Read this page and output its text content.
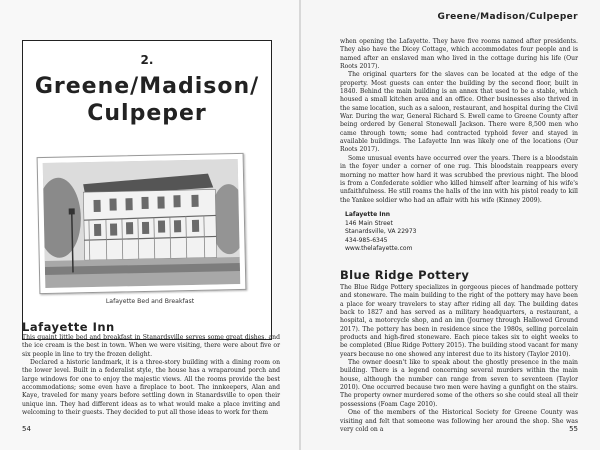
2.
Greene/Madison/
Culpeper
Lafayette Bed and Breakfast
Lafayette Inn

This quaint little bed and breakfast in Stanardsville serves some great dishes, and the ice cream is the best in town. When we were visiting, there were about five or six people in line to try the frozen delight.

Declared a historic landmark, it is a three-story building with a dining room on the lower level. Built in a federalist style, the house has a wraparound porch and large windows for one to enjoy the majestic views. All the rooms provide the best accommodations; some even have a fireplace to boot. The innkeepers, Alan and Kaye, traveled for many years before settling down in Stanardsville to open their unique inn. They had different ideas as to what would make a place inviting and welcoming to their guests. They decided to put all those ideas to work for them

54
Greene/Madison/Culpeper

when opening the Lafayette. They have five rooms named after presidents. They also have the Dicey Cottage, which accommodates four people and is named after an enslaved man who lived in the cottage during his life (Our Roots 2017).

The original quarters for the slaves can be located at the edge of the property. Most guests can enter the building by the second floor, built in 1840. Behind the main building is an annex that used to be a stable, which housed a small kitchen area and an office. Other businesses also thrived in the same location, such as a saloon, restaurant, and hospital during the Civil War. During the war, General Richard S. Ewell came to Greene County after being ordered by General Stonewall Jackson. There were 8,500 men who came through town; some had contracted typhoid fever and stayed in available buildings. The Lafayette Inn was likely one of the locations (Our Roots 2017).

Some unusual events have occurred over the years. There is a bloodstain in the foyer under a corner of one rug. This bloodstain reappears every morning no matter how hard it was scrubbed the previous night. The blood is from a Confederate soldier who killed himself after learning of his wife's unfaithfulness. He still roams the halls of the inn with his pistol ready to kill the Yankee soldier who had an affair with his wife (Kinney 2009).

Lafayette Inn
146 Main Street
Stanardsville, VA 22973
434-985-6345
www.thelafayette.com
Blue Ridge Pottery

The Blue Ridge Pottery specializes in gorgeous pieces of handmade pottery and stoneware. The main building to the right of the pottery may have been a place for weary travelers to stay after riding all day. The building dates back to 1827 and has served as a military headquarters, a restaurant, a hospital, a motorcycle shop, and an inn (Journey through Hallowed Ground 2017). The pottery has been in residence since the 1980s, selling porcelain products and high-fired stoneware. Each piece takes six to eight weeks to be completed (Blue Ridge Pottery 2015). The building stood vacant for many years because no one showed any interest due to its history (Taylor 2010).

The owner doesn't like to speak about the ghostly presence in the main building. There is a legend concerning several murders within the main house, although the number can range from seven to seventeen (Taylor 2010). One occurred because two men were having a gunfight on the stairs. The property owner murdered some of the others so she could steal all their possessions (Foam Cage 2010).

One of the members of the Historical Society for Greene County was visiting and felt that someone was following her around the shop. She was very cold on a	55
